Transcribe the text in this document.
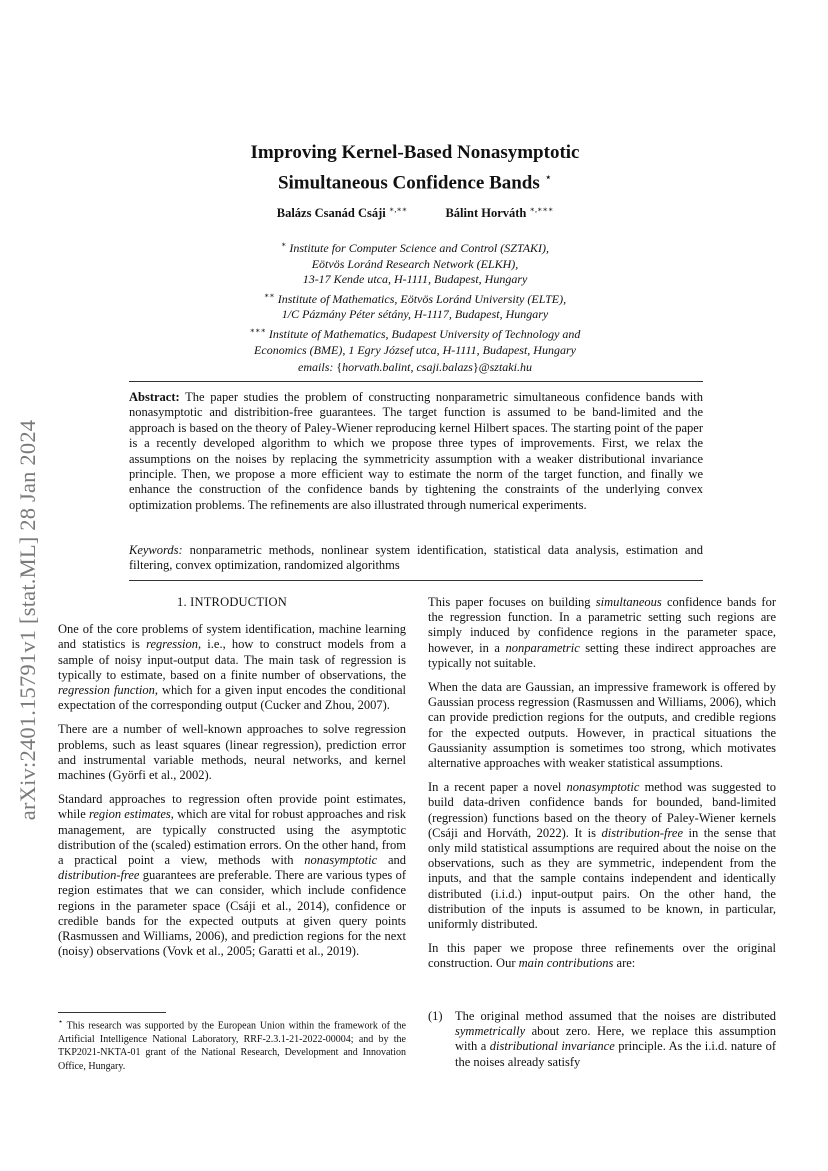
arXiv:2401.15791v1 [stat.ML] 28 Jan 2024
Improving Kernel-Based Nonasymptotic
Simultaneous Confidence Bands ⋆
Balázs Csanád Csáji ∗,∗∗	Bálint Horváth ∗,∗∗∗
∗ Institute for Computer Science and Control (SZTAKI),
Eötvös Loránd Research Network (ELKH),
13-17 Kende utca, H-1111, Budapest, Hungary
∗∗ Institute of Mathematics, Eötvös Loránd University (ELTE),
1/C Pázmány Péter sétány, H-1117, Budapest, Hungary
∗∗∗ Institute of Mathematics, Budapest University of Technology and
Economics (BME), 1 Egry József utca, H-1111, Budapest, Hungary
emails: {horvath.balint, csaji.balazs}@sztaki.hu
Abstract: The paper studies the problem of constructing nonparametric simultaneous confidence bands with nonasymptotic and distribition-free guarantees. The target function is assumed to be band-limited and the approach is based on the theory of Paley-Wiener reproducing kernel Hilbert spaces. The starting point of the paper is a recently developed algorithm to which we propose three types of improvements. First, we relax the assumptions on the noises by replacing the symmetricity assumption with a weaker distributional invariance principle. Then, we propose a more efficient way to estimate the norm of the target function, and finally we enhance the construction of the confidence bands by tightening the constraints of the underlying convex optimization problems. The refinements are also illustrated through numerical experiments.
Keywords: nonparametric methods, nonlinear system identification, statistical data analysis, estimation and filtering, convex optimization, randomized algorithms
1. INTRODUCTION

One of the core problems of system identification, machine learning and statistics is regression, i.e., how to construct models from a sample of noisy input-output data. The main task of regression is typically to estimate, based on a finite number of observations, the regression function, which for a given input encodes the conditional expectation of the corresponding output (Cucker and Zhou, 2007).

There are a number of well-known approaches to solve regression problems, such as least squares (linear regression), prediction error and instrumental variable methods, neural networks, and kernel machines (Györfi et al., 2002).

Standard approaches to regression often provide point estimates, while region estimates, which are vital for robust approaches and risk management, are typically constructed using the asymptotic distribution of the (scaled) estimation errors. On the other hand, from a practical point a view, methods with nonasymptotic and distribution-free guarantees are preferable. There are various types of region estimates that we can consider, which include confidence regions in the parameter space (Csáji et al., 2014), confidence or credible bands for the expected outputs at given query points (Rasmussen and Williams, 2006), and prediction regions for the next (noisy) observations (Vovk et al., 2005; Garatti et al., 2019).

⋆ This research was supported by the European Union within the framework of the Artificial Intelligence National Laboratory, RRF-2.3.1-21-2022-00004; and by the TKP2021-NKTA-01 grant of the National Research, Development and Innovation Office, Hungary.

This paper focuses on building simultaneous confidence bands for the regression function. In a parametric setting such regions are simply induced by confidence regions in the parameter space, however, in a nonparametric setting these indirect approaches are typically not suitable.

When the data are Gaussian, an impressive framework is offered by Gaussian process regression (Rasmussen and Williams, 2006), which can provide prediction regions for the outputs, and credible regions for the expected outputs. However, in practical situations the Gaussianity assumption is sometimes too strong, which motivates alternative approaches with weaker statistical assumptions.

In a recent paper a novel nonasymptotic method was suggested to build data-driven confidence bands for bounded, band-limited (regression) functions based on the theory of Paley-Wiener kernels (Csáji and Horváth, 2022). It is distribution-free in the sense that only mild statistical assumptions are required about the noise on the observations, such as they are symmetric, independent from the inputs, and that the sample contains independent and identically distributed (i.i.d.) input-output pairs. On the other hand, the distribution of the inputs is assumed to be known, in particular, uniformly distributed.

In this paper we propose three refinements over the original construction. Our main contributions are:

(1) The original method assumed that the noises are distributed symmetrically about zero. Here, we replace this assumption with a distributional invariance principle. As the i.i.d. nature of the noises already satisfy
